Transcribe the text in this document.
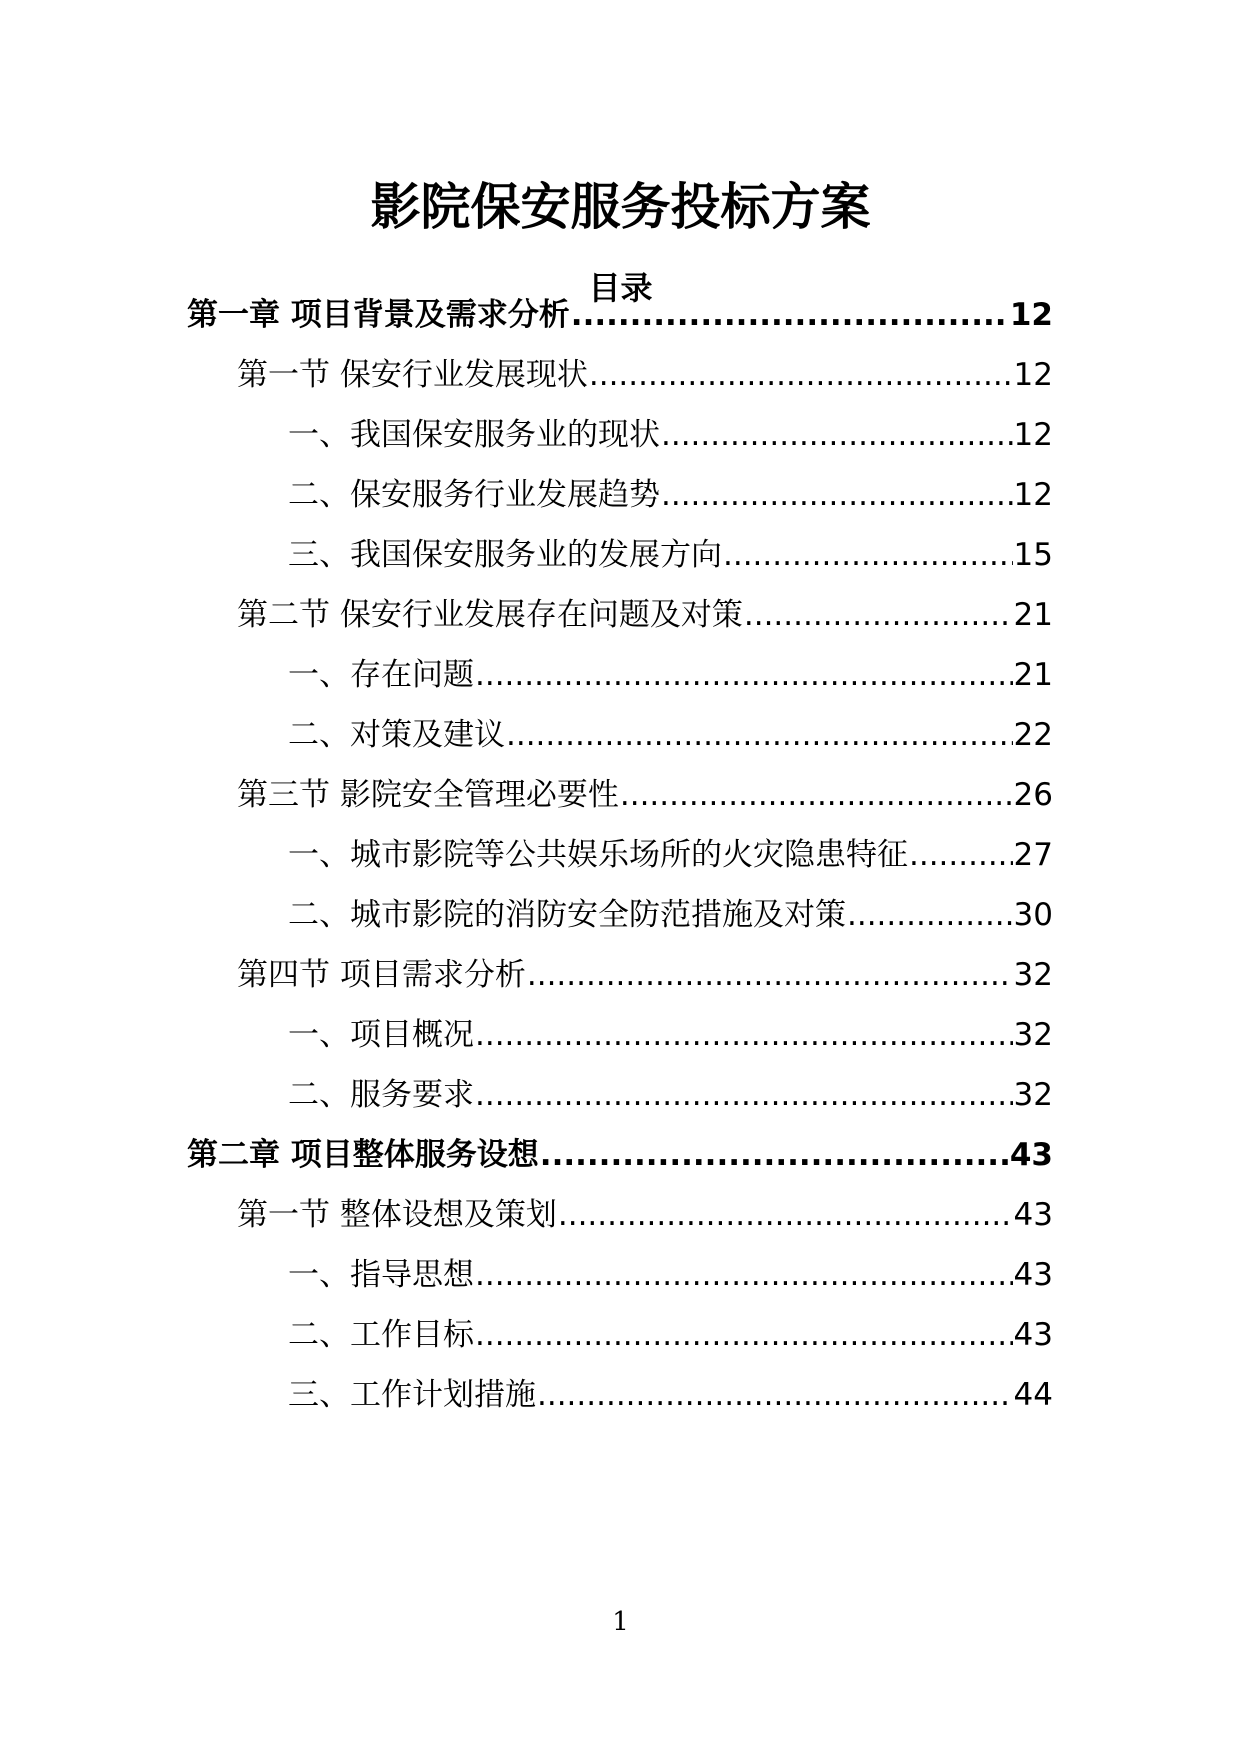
影院保安服务投标方案
目录
第一章 项目背景及需求分析 .....	12
第一节 保安行业发展现状 .....	12
一、我国保安服务业的现状 .....	12
二、保安服务行业发展趋势 .....	12
三、我国保安服务业的发展方向 .....	15
第二节 保安行业发展存在问题及对策 .....	21
一、存在问题 .....	21
二、对策及建议 .....	22
第三节 影院安全管理必要性 .....	26
一、城市影院等公共娱乐场所的火灾隐患特征 .....	27
二、城市影院的消防安全防范措施及对策 .....	30
第四节 项目需求分析 .....	32
一、项目概况 .....	32
二、服务要求 .....	32
第二章 项目整体服务设想 .....	43
第一节 整体设想及策划 .....	43
一、指导思想 .....	43
二、工作目标 .....	43
三、工作计划措施 .....	44
1
